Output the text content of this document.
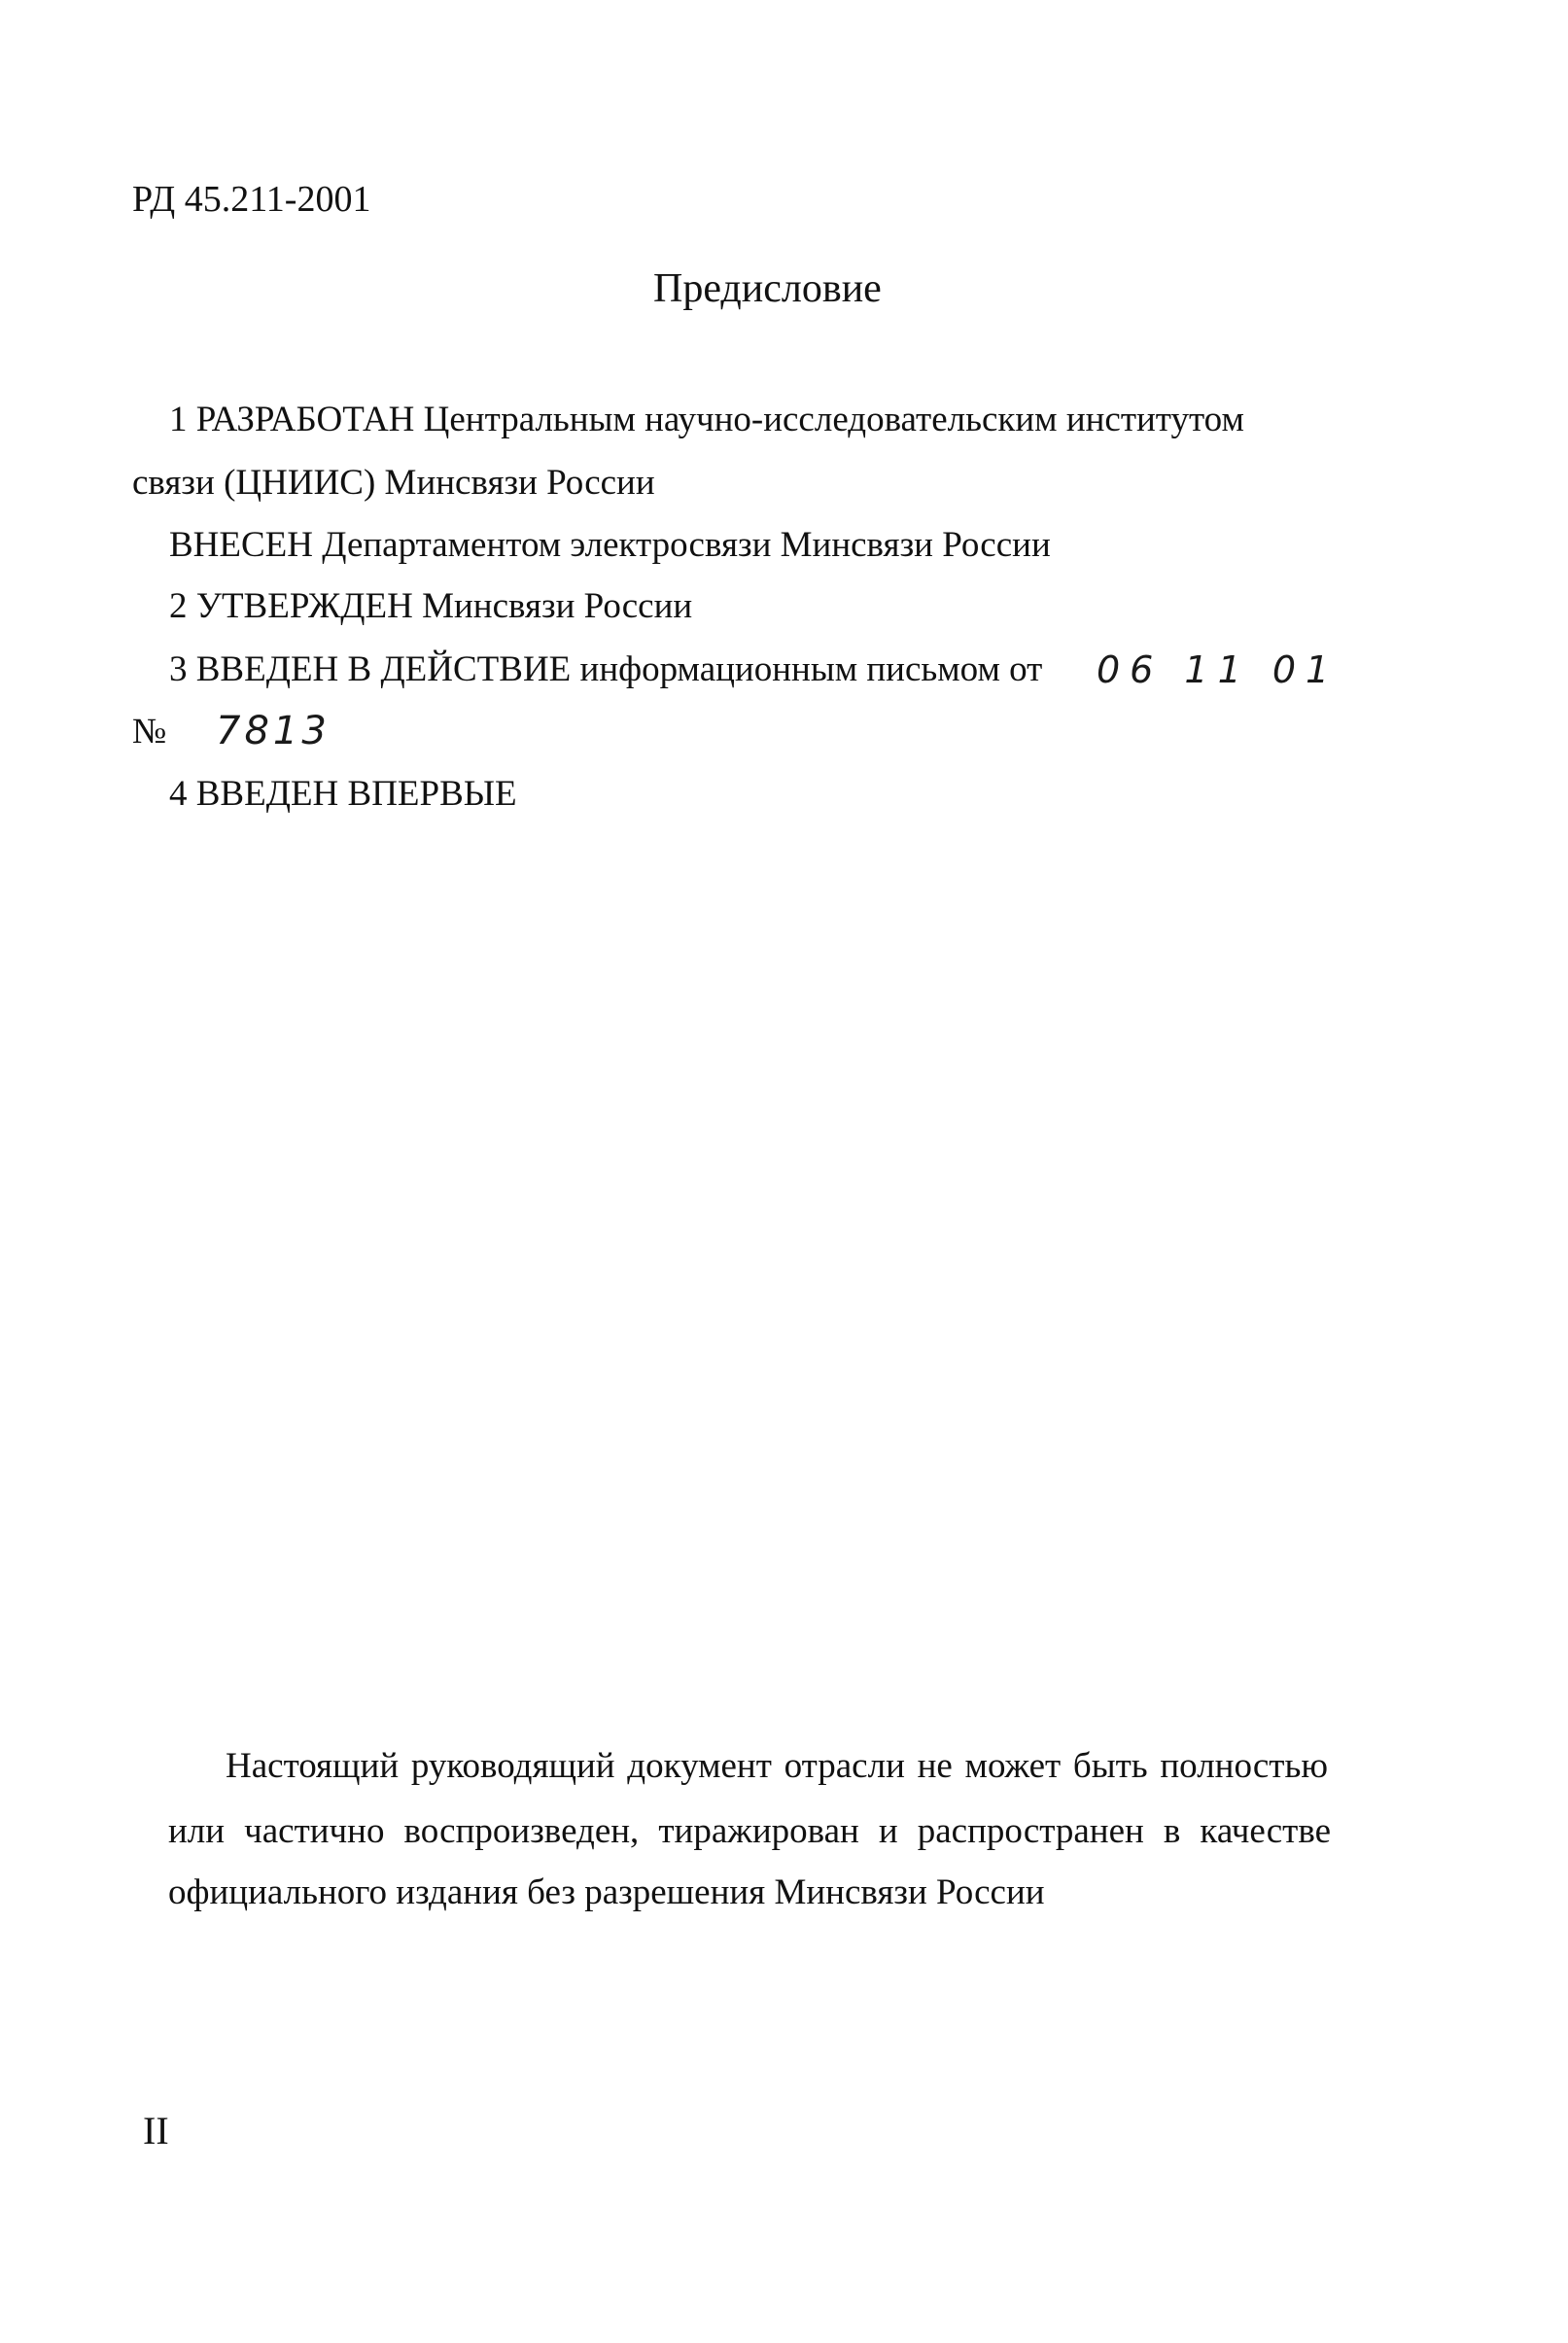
РД 45.211-2001
Предисловие
1 РАЗРАБОТАН Центральным научно-исследовательским институтом
связи (ЦНИИС) Минсвязи России
ВНЕСЕН Департаментом электросвязи Минсвязи России
2 УТВЕРЖДЕН Минсвязи России
3 ВВЕДЕН В ДЕЙСТВИЕ информационным письмом от 06 11 01
№ 7813
4 ВВЕДЕН ВПЕРВЫЕ
Настоящий руководящий документ отрасли не может быть полностью
или частично воспроизведен, тиражирован и распространен в качестве
официального издания без разрешения Минсвязи России
II
